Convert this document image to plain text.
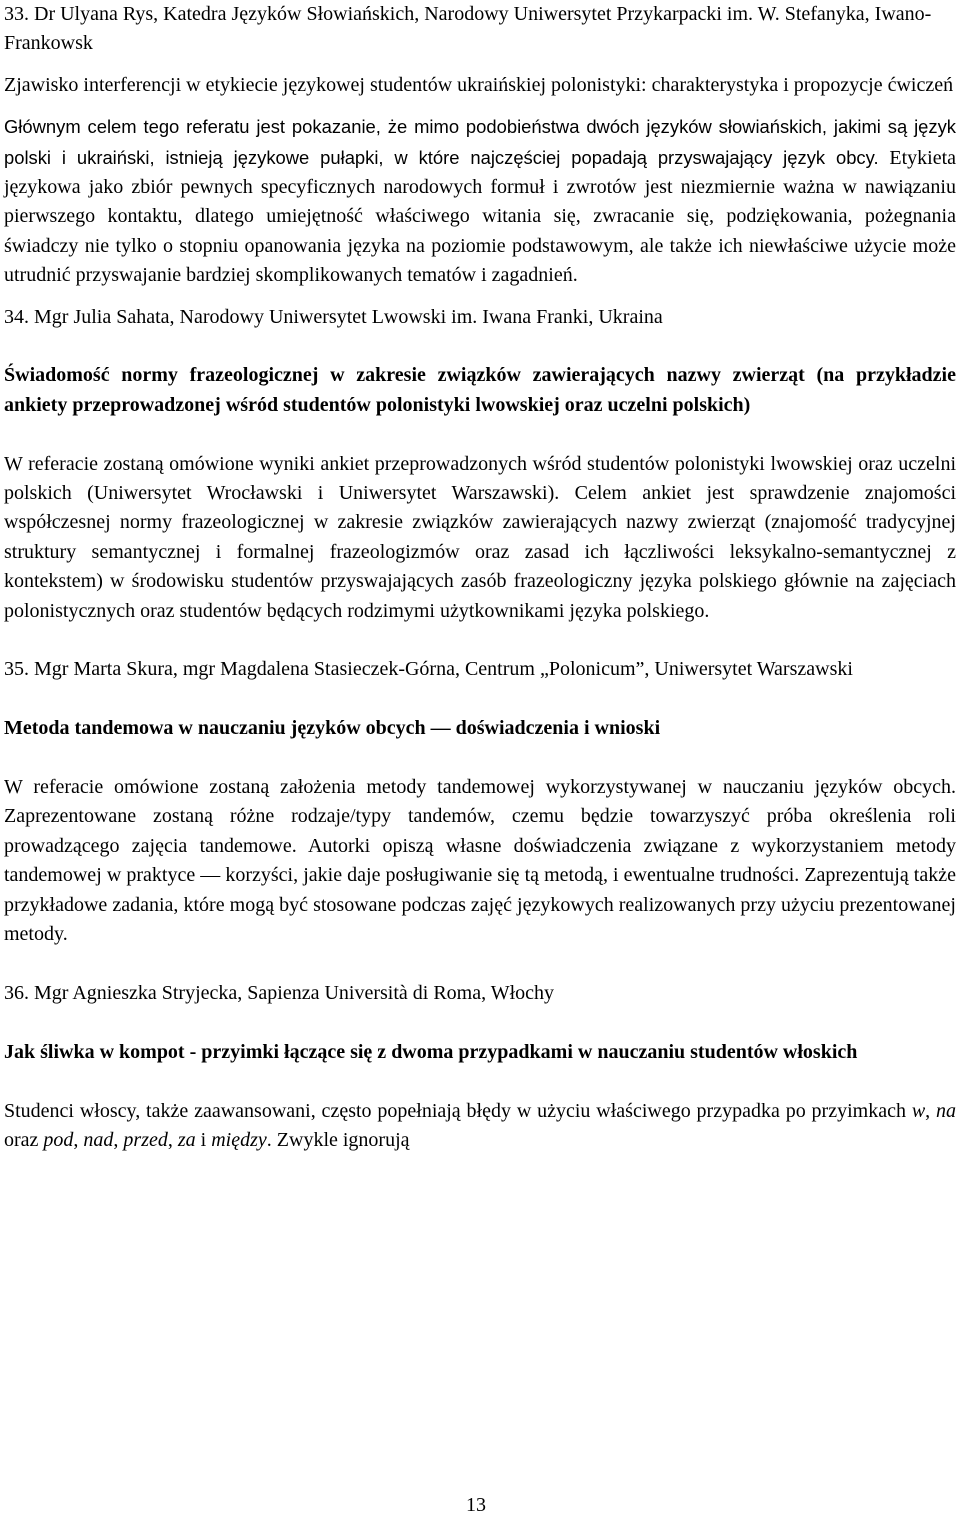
33. Dr Ulyana Rys, Katedra Języków Słowiańskich, Narodowy Uniwersytet Przykarpacki im. W. Stefanyka, Iwano-Frankowsk

Zjawisko interferencji w etykiecie językowej studentów ukraińskiej polonistyki: charakterystyka i propozycje ćwiczeń

Głównym celem tego referatu jest pokazanie, że mimo podobieństwa dwóch języków słowiańskich, jakimi są język polski i ukraiński, istnieją językowe pułapki, w które najczęściej popadają przyswajający język obcy. Etykieta językowa jako zbiór pewnych specyficznych narodowych formuł i zwrotów jest niezmiernie ważna w nawiązaniu pierwszego kontaktu, dlatego umiejętność właściwego witania się, zwracanie się, podziękowania, pożegnania świadczy nie tylko o stopniu opanowania języka na poziomie podstawowym, ale także ich niewłaściwe użycie może utrudnić przyswajanie bardziej skomplikowanych tematów i zagadnień.

34. Mgr Julia Sahata, Narodowy Uniwersytet Lwowski im. Iwana Franki, Ukraina

Świadomość normy frazeologicznej w zakresie związków zawierających nazwy zwierząt (na przykładzie ankiety przeprowadzonej wśród studentów polonistyki lwowskiej oraz uczelni polskich)

W referacie zostaną omówione wyniki ankiet przeprowadzonych wśród studentów polonistyki lwowskiej oraz uczelni polskich (Uniwersytet Wrocławski i Uniwersytet Warszawski). Celem ankiet jest sprawdzenie znajomości współczesnej normy frazeologicznej w zakresie związków zawierających nazwy zwierząt (znajomość tradycyjnej struktury semantycznej i formalnej frazeologizmów oraz zasad ich łączliwości leksykalno-semantycznej z kontekstem) w środowisku studentów przyswajających zasób frazeologiczny języka polskiego głównie na zajęciach polonistycznych oraz studentów będących rodzimymi użytkownikami języka polskiego.

35. Mgr Marta Skura, mgr Magdalena Stasieczek-Górna, Centrum „Polonicum”, Uniwersytet Warszawski

Metoda tandemowa w nauczaniu języków obcych — doświadczenia i wnioski

W referacie omówione zostaną założenia metody tandemowej wykorzystywanej w nauczaniu języków obcych. Zaprezentowane zostaną różne rodzaje/typy tandemów, czemu będzie towarzyszyć próba określenia roli prowadzącego zajęcia tandemowe. Autorki opiszą własne doświadczenia związane z wykorzystaniem metody tandemowej w praktyce — korzyści, jakie daje posługiwanie się tą metodą, i ewentualne trudności. Zaprezentują także przykładowe zadania, które mogą być stosowane podczas zajęć językowych realizowanych przy użyciu prezentowanej metody.

36. Mgr Agnieszka Stryjecka, Sapienza Università di Roma, Włochy

Jak śliwka w kompot - przyimki łączące się z dwoma przypadkami w nauczaniu studentów włoskich

Studenci włoscy, także zaawansowani, często popełniają błędy w użyciu właściwego przypadka po przyimkach w, na oraz pod, nad, przed, za i między. Zwykle ignorują

13
